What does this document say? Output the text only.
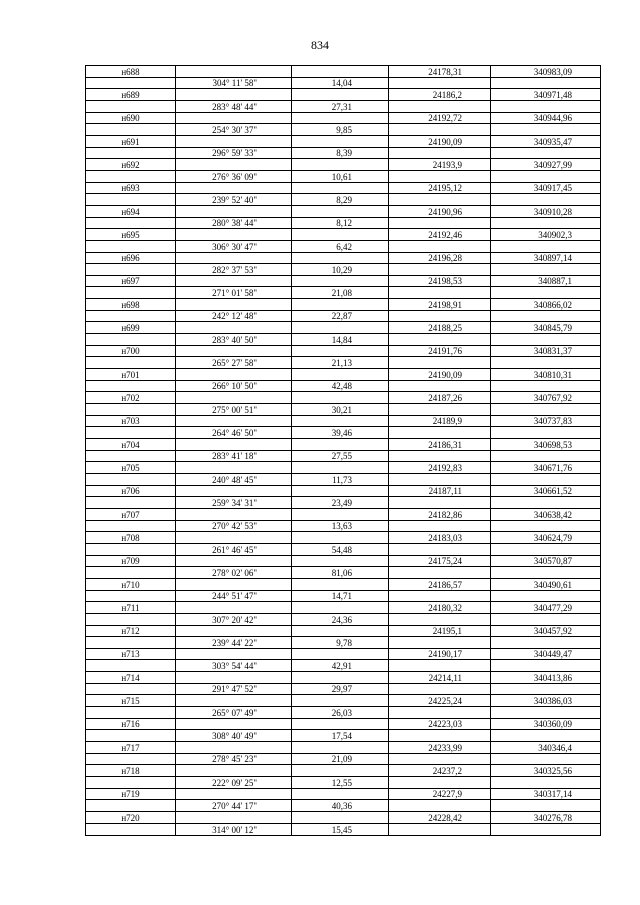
834
н688			24178,31	340983,09
	304° 11' 58"	14,04		
н689			24186,2	340971,48
	283° 48' 44"	27,31		
н690			24192,72	340944,96
	254° 30' 37"	9,85		
н691			24190,09	340935,47
	296° 59' 33"	8,39		
н692			24193,9	340927,99
	276° 36' 09"	10,61		
н693			24195,12	340917,45
	239° 52' 40"	8,29		
н694			24190,96	340910,28
	280° 38' 44"	8,12		
н695			24192,46	340902,3
	306° 30' 47"	6,42		
н696			24196,28	340897,14
	282° 37' 53"	10,29		
н697			24198,53	340887,1
	271° 01' 58"	21,08		
н698			24198,91	340866,02
	242° 12' 48"	22,87		
н699			24188,25	340845,79
	283° 40' 50"	14,84		
н700			24191,76	340831,37
	265° 27' 58"	21,13		
н701			24190,09	340810,31
	266° 10' 50"	42,48		
н702			24187,26	340767,92
	275° 00' 51"	30,21		
н703			24189,9	340737,83
	264° 46' 50"	39,46		
н704			24186,31	340698,53
	283° 41' 18"	27,55		
н705			24192,83	340671,76
	240° 48' 45"	11,73		
н706			24187,11	340661,52
	259° 34' 31"	23,49		
н707			24182,86	340638,42
	270° 42' 53"	13,63		
н708			24183,03	340624,79
	261° 46' 45"	54,48		
н709			24175,24	340570,87
	278° 02' 06"	81,06		
н710			24186,57	340490,61
	244° 51' 47"	14,71		
н711			24180,32	340477,29
	307° 20' 42"	24,36		
н712			24195,1	340457,92
	239° 44' 22"	9,78		
н713			24190,17	340449,47
	303° 54' 44"	42,91		
н714			24214,11	340413,86
	291° 47' 52"	29,97		
н715			24225,24	340386,03
	265° 07' 49"	26,03		
н716			24223,03	340360,09
	308° 40' 49"	17,54		
н717			24233,99	340346,4
	278° 45' 23"	21,09		
н718			24237,2	340325,56
	222° 09' 25"	12,55		
н719			24227,9	340317,14
	270° 44' 17"	40,36		
н720			24228,42	340276,78
	314° 00' 12"	15,45		
